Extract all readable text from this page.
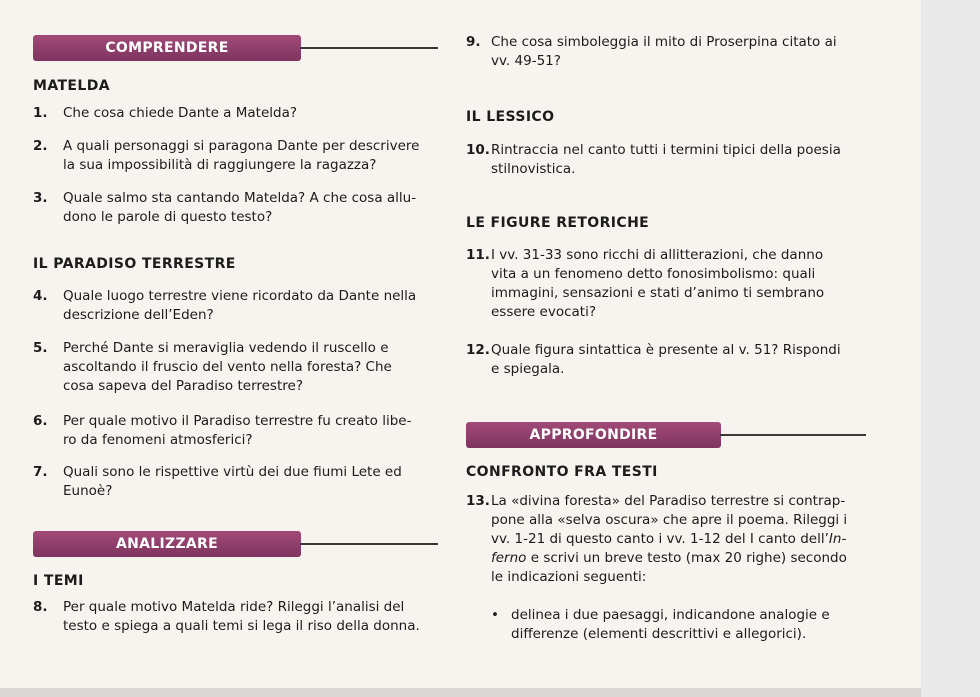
COMPRENDERE
MATELDA
1. Che cosa chiede Dante a Matelda?
2. A quali personaggi si paragona Dante per descrivere
la sua impossibilità di raggiungere la ragazza?
3. Quale salmo sta cantando Matelda? A che cosa allu-
dono le parole di questo testo?
IL PARADISO TERRESTRE
4. Quale luogo terrestre viene ricordato da Dante nella
descrizione dell’Eden?
5. Perché Dante si meraviglia vedendo il ruscello e
ascoltando il fruscio del vento nella foresta? Che
cosa sapeva del Paradiso terrestre?
6. Per quale motivo il Paradiso terrestre fu creato libe-
ro da fenomeni atmosferici?
7. Quali sono le rispettive virtù dei due fiumi Lete ed
Eunoè?
ANALIZZARE
I TEMI
8. Per quale motivo Matelda ride? Rileggi l’analisi del
testo e spiega a quali temi si lega il riso della donna.
9. Che cosa simboleggia il mito di Proserpina citato ai
vv. 49-51?
IL LESSICO
10.Rintraccia nel canto tutti i termini tipici della poesia
stilnovistica.
LE FIGURE RETORICHE
11.I vv. 31-33 sono ricchi di allitterazioni, che danno
vita a un fenomeno detto fonosimbolismo: quali
immagini, sensazioni e stati d’animo ti sembrano
essere evocati?
12.Quale figura sintattica è presente al v. 51? Rispondi
e spiegala.
APPROFONDIRE
CONFRONTO FRA TESTI
13.La «divina foresta» del Paradiso terrestre si contrap-
pone alla «selva oscura» che apre il poema. Rileggi i
vv. 1-21 di questo canto i vv. 1-12 del I canto dell’In-
ferno e scrivi un breve testo (max 20 righe) secondo
le indicazioni seguenti:
• delinea i due paesaggi, indicandone analogie e
differenze (elementi descrittivi e allegorici).
